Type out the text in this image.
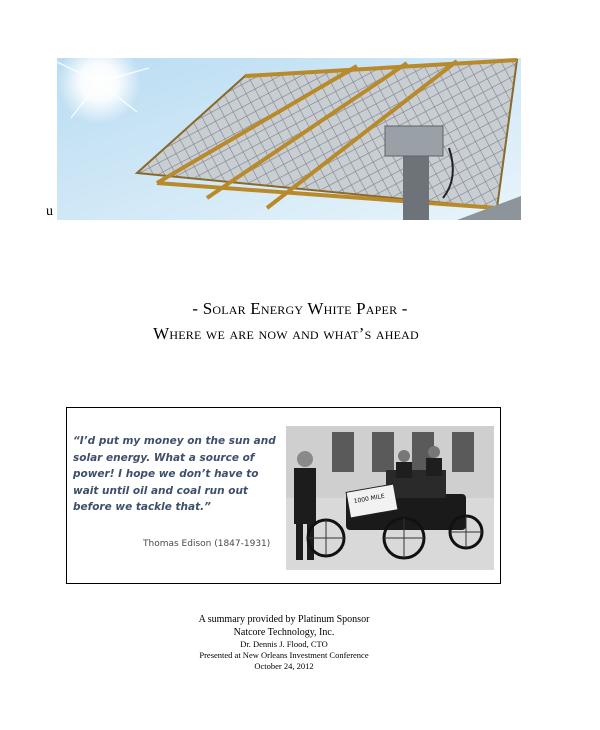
u
- Solar Energy White Paper -
Where we are now and what’s ahead
“I’d put my money on the sun and solar energy. What a source of power! I hope we don’t have to wait until oil and coal run out before we tackle that.”
Thomas Edison (1847-1931)
1000 MILE
A summary provided by Platinum Sponsor
Natcore Technology, Inc.
Dr. Dennis J. Flood, CTO
Presented at New Orleans Investment Conference
October 24, 2012
